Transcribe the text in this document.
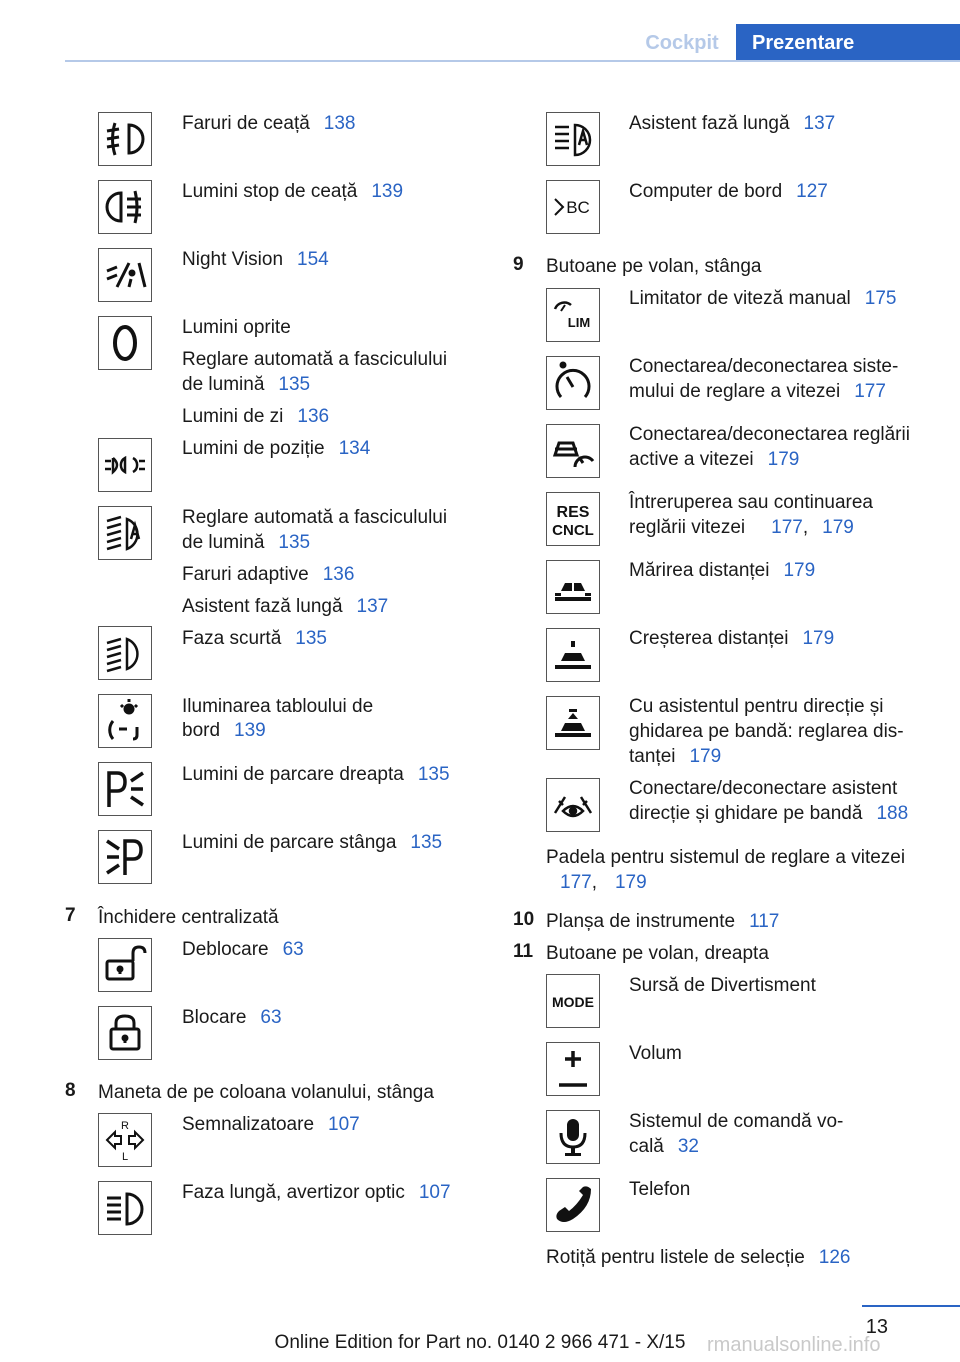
Cockpit	Prezentare
Faruri de ceață 138
Lumini stop de ceață 139
Night Vision 154
Lumini oprite
Reglare automată a fasciculului
de lumină 135
Lumini de zi 136
Lumini de poziție 134
Reglare automată a fasciculului
de lumină 135
Faruri adaptive 136
Asistent fază lungă 137
Faza scurtă 135
Iluminarea tabloului de
bord 139
Lumini de parcare dreapta 135
Lumini de parcare stânga 135
7 Închidere centralizată
Deblocare 63
Blocare 63
8 Maneta de pe coloana volanului, stânga
R
L
Semnalizatoare 107
Faza lungă, avertizor optic 107
Asistent fază lungă 137
BC
Computer de bord 127
9 Butoane pe volan, stânga
LIM
Limitator de viteză manual 175
Conectarea/deconectarea siste-
mului de reglare a vitezei 177
Conectarea/deconectarea reglării
active a vitezei 179
RES
CNCL
Întreruperea sau continuarea
reglării vitezei 177, 179
Mărirea distanței 179
Creșterea distanței 179
Cu asistentul pentru direcție și
ghidarea pe bandă: reglarea dis-
tanței 179
Conectare/deconectare asistent
direcție și ghidare pe bandă 188
Padela pentru sistemul de reglare a vitezei
177, 179
10 Planșa de instrumente 117
11 Butoane pe volan, dreapta
MODE
Sursă de Divertisment
Volum
Sistemul de comandă vo-
cală 32
Telefon
Rotiță pentru listele de selecție 126
13
Online Edition for Part no. 0140 2 966 471 - X/15	rmanualsonline.info
